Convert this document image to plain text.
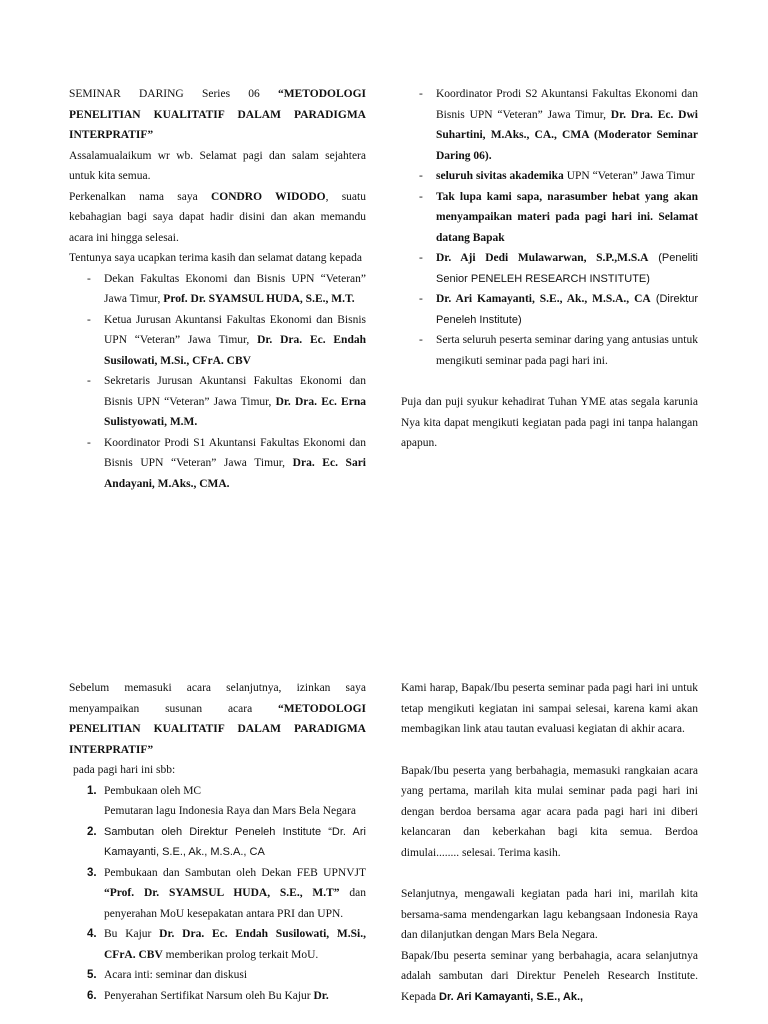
SEMINAR DARING Series 06 “METODOLOGI PENELITIAN KUALITATIF DALAM PARADIGMA INTERPRATIF”

Assalamualaikum wr wb. Selamat pagi dan salam sejahtera untuk kita semua.

Perkenalkan nama saya CONDRO WIDODO, suatu kebahagian bagi saya dapat hadir disini dan akan memandu acara ini hingga selesai.

Tentunya saya ucapkan terima kasih dan selamat datang kepada

- Dekan Fakultas Ekonomi dan Bisnis UPN “Veteran” Jawa Timur, Prof. Dr. SYAMSUL HUDA, S.E., M.T.
- Ketua Jurusan Akuntansi Fakultas Ekonomi dan Bisnis UPN “Veteran” Jawa Timur, Dr. Dra. Ec. Endah Susilowati, M.Si., CFrA. CBV
- Sekretaris Jurusan Akuntansi Fakultas Ekonomi dan Bisnis UPN “Veteran” Jawa Timur, Dr. Dra. Ec. Erna Sulistyowati, M.M.
- Koordinator Prodi S1 Akuntansi Fakultas Ekonomi dan Bisnis UPN “Veteran” Jawa Timur, Dra. Ec. Sari Andayani, M.Aks., CMA.
- Koordinator Prodi S2 Akuntansi Fakultas Ekonomi dan Bisnis UPN “Veteran” Jawa Timur, Dr. Dra. Ec. Dwi Suhartini, M.Aks., CA., CMA (Moderator Seminar Daring 06).
- seluruh sivitas akademika UPN “Veteran” Jawa Timur
- Tak lupa kami sapa, narasumber hebat yang akan menyampaikan materi pada pagi hari ini. Selamat datang Bapak
- Dr. Aji Dedi Mulawarwan, S.P.,M.S.A (Peneliti Senior PENELEH RESEARCH INSTITUTE)
- Dr. Ari Kamayanti, S.E., Ak., M.S.A., CA (Direktur Peneleh Institute)
- Serta seluruh peserta seminar daring yang antusias untuk mengikuti seminar pada pagi hari ini.

Puja dan puji syukur kehadirat Tuhan YME atas segala karunia Nya kita dapat mengikuti kegiatan pada pagi ini tanpa halangan apapun.

Sebelum memasuki acara selanjutnya, izinkan saya menyampaikan susunan acara “METODOLOGI PENELITIAN KUALITATIF DALAM PARADIGMA INTERPRATIF”

pada pagi hari ini sbb:

1. Pembukaan oleh MC
Pemutaran lagu Indonesia Raya dan Mars Bela Negara
2. Sambutan oleh Direktur Peneleh Institute “Dr. Ari Kamayanti, S.E., Ak., M.S.A., CA
3. Pembukaan dan Sambutan oleh Dekan FEB UPNVJT “Prof. Dr. SYAMSUL HUDA, S.E., M.T” dan penyerahan MoU kesepakatan antara PRI dan UPN.
4. Bu Kajur Dr. Dra. Ec. Endah Susilowati, M.Si., CFrA. CBV memberikan prolog terkait MoU.
5. Acara inti: seminar dan diskusi
6. Penyerahan Sertifikat Narsum oleh Bu Kajur Dr.

Kami harap, Bapak/Ibu peserta seminar pada pagi hari ini untuk tetap mengikuti kegiatan ini sampai selesai, karena kami akan membagikan link atau tautan evaluasi kegiatan di akhir acara.

Bapak/Ibu peserta yang berbahagia, memasuki rangkaian acara yang pertama, marilah kita mulai seminar pada pagi hari ini dengan berdoa bersama agar acara pada pagi hari ini diberi kelancaran dan keberkahan bagi kita semua. Berdoa dimulai........ selesai. Terima kasih.

Selanjutnya, mengawali kegiatan pada hari ini, marilah kita bersama-sama mendengarkan lagu kebangsaan Indonesia Raya dan dilanjutkan dengan Mars Bela Negara.

Bapak/Ibu peserta seminar yang berbahagia, acara selanjutnya adalah sambutan dari Direktur Peneleh Research Institute. Kepada Dr. Ari Kamayanti, S.E., Ak.,
